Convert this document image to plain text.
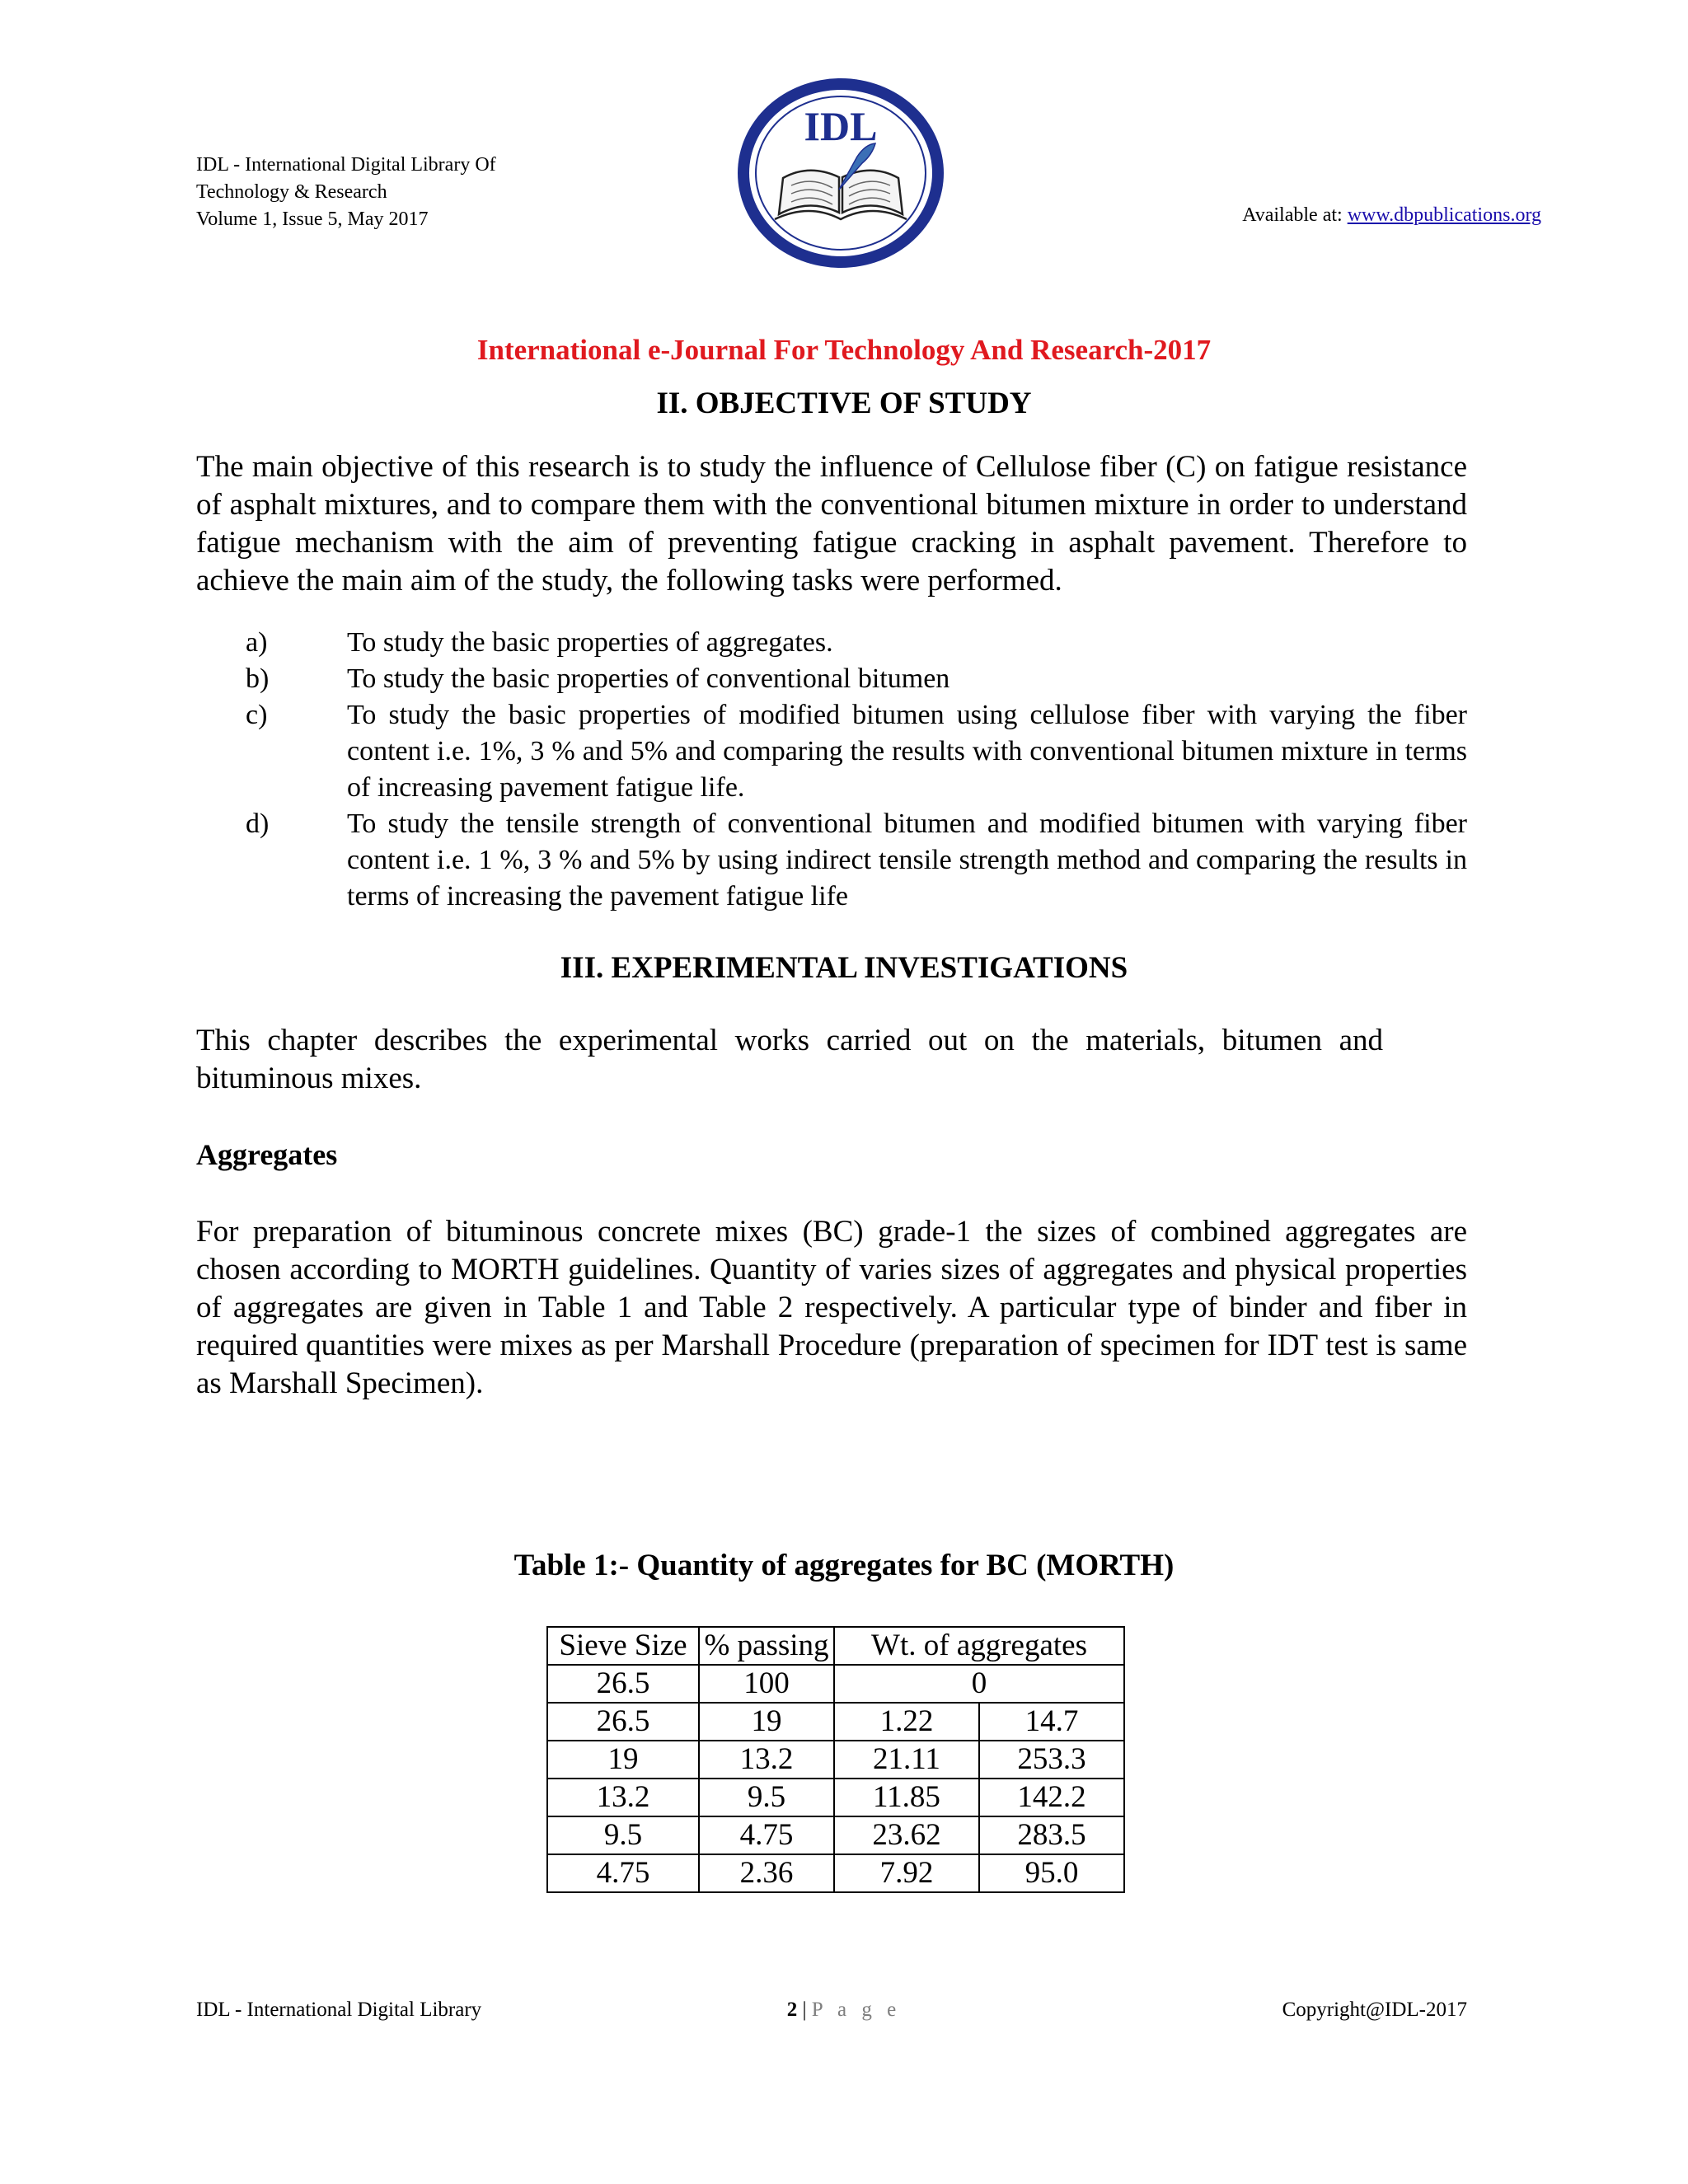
IDL - International Digital Library Of
Technology & Research
Volume 1, Issue 5, May 2017
IDL
Available at: www.dbpublications.org
International e-Journal For Technology And Research-2017
II. OBJECTIVE OF STUDY

The main objective of this research is to study the influence of Cellulose fiber (C) on fatigue resistance of asphalt mixtures, and to compare them with the conventional bitumen mixture in order to understand fatigue mechanism with the aim of preventing fatigue cracking in asphalt pavement. Therefore to achieve the main aim of the study, the following tasks were performed.

a)	To study the basic properties of aggregates.
b)	To study the basic properties of conventional bitumen
c)	To study the basic properties of modified bitumen using cellulose fiber with varying the fiber content i.e. 1%, 3 % and 5% and comparing the results with conventional bitumen mixture in terms of increasing pavement fatigue life.
d)	To study the tensile strength of conventional bitumen and modified bitumen with varying fiber content i.e. 1 %, 3 % and 5% by using indirect tensile strength method and comparing the results in terms of increasing the pavement fatigue life
III. EXPERIMENTAL INVESTIGATIONS

This chapter describes the experimental works carried out on the materials, bitumen and bituminous mixes.

Aggregates

For preparation of bituminous concrete mixes (BC) grade-1 the sizes of combined aggregates are chosen according to MORTH guidelines. Quantity of varies sizes of aggregates and physical properties of aggregates are given in Table 1 and Table 2 respectively. A particular type of binder and fiber in required quantities were mixes as per Marshall Procedure (preparation of specimen for IDT test is same as Marshall Specimen).

Table 1:- Quantity of aggregates for BC (MORTH)
Sieve Size	% passing	Wt. of aggregates	
26.5	100	0	
26.5	19	1.22	14.7
19	13.2	21.11	253.3
13.2	9.5	11.85	142.2
9.5	4.75	23.62	283.5
4.75	2.36	7.92	95.0
IDL - International Digital Library	2 | P a g e	Copyright@IDL-2017
